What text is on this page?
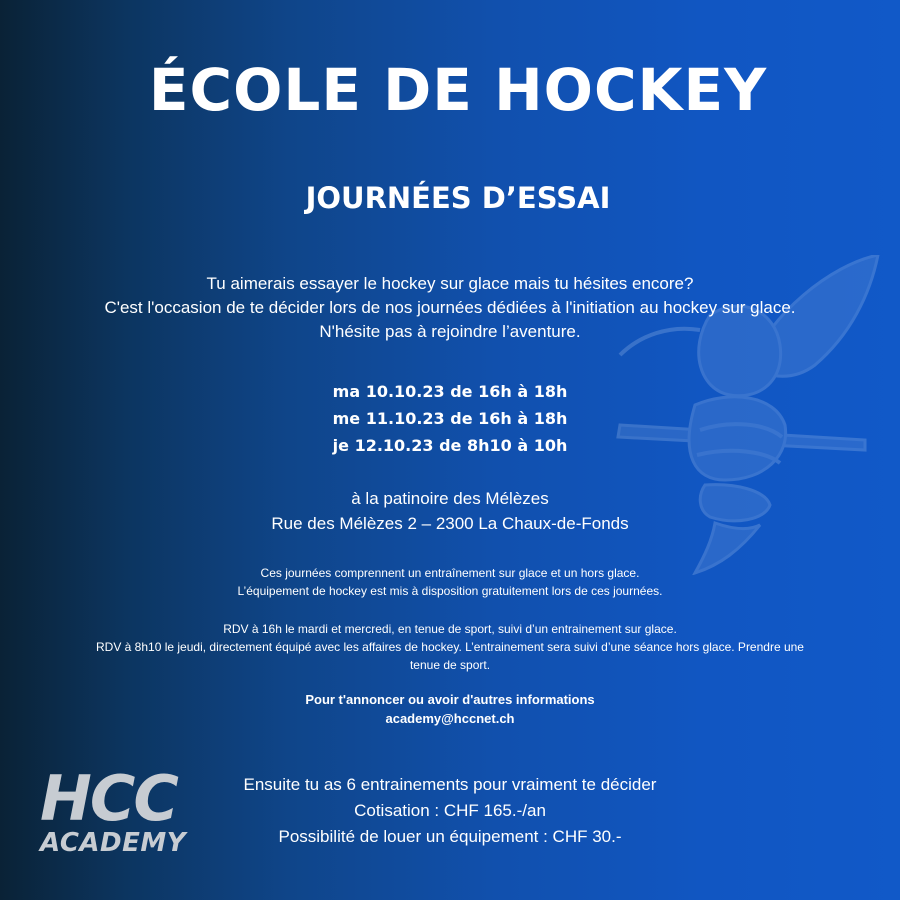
ÉCOLE DE HOCKEY
JOURNÉES D’ESSAI
Tu aimerais essayer le hockey sur glace mais tu hésites encore?
C'est l'occasion de te décider lors de nos journées dédiées à l'initiation au hockey sur glace.
N'hésite pas à rejoindre l’aventure.
ma 10.10.23 de 16h à 18h
me 11.10.23 de 16h à 18h
je 12.10.23 de 8h10 à 10h
à la patinoire des Mélèzes
Rue des Mélèzes 2 – 2300 La Chaux-de-Fonds
Ces journées comprennent un entraînement sur glace et un hors glace.
L’équipement de hockey est mis à disposition gratuitement lors de ces journées.
RDV à 16h le mardi et mercredi, en tenue de sport, suivi d’un entrainement sur glace.
RDV à 8h10 le jeudi, directement équipé avec les affaires de hockey. L’entrainement sera suivi d’une séance hors glace. Prendre une
tenue de sport.
Pour t'annoncer ou avoir d'autres informations
academy@hccnet.ch
Ensuite tu as 6 entrainements pour vraiment te décider
Cotisation : CHF 165.-/an
Possibilité de louer un équipement : CHF 30.-
HCC
ACADEMY
